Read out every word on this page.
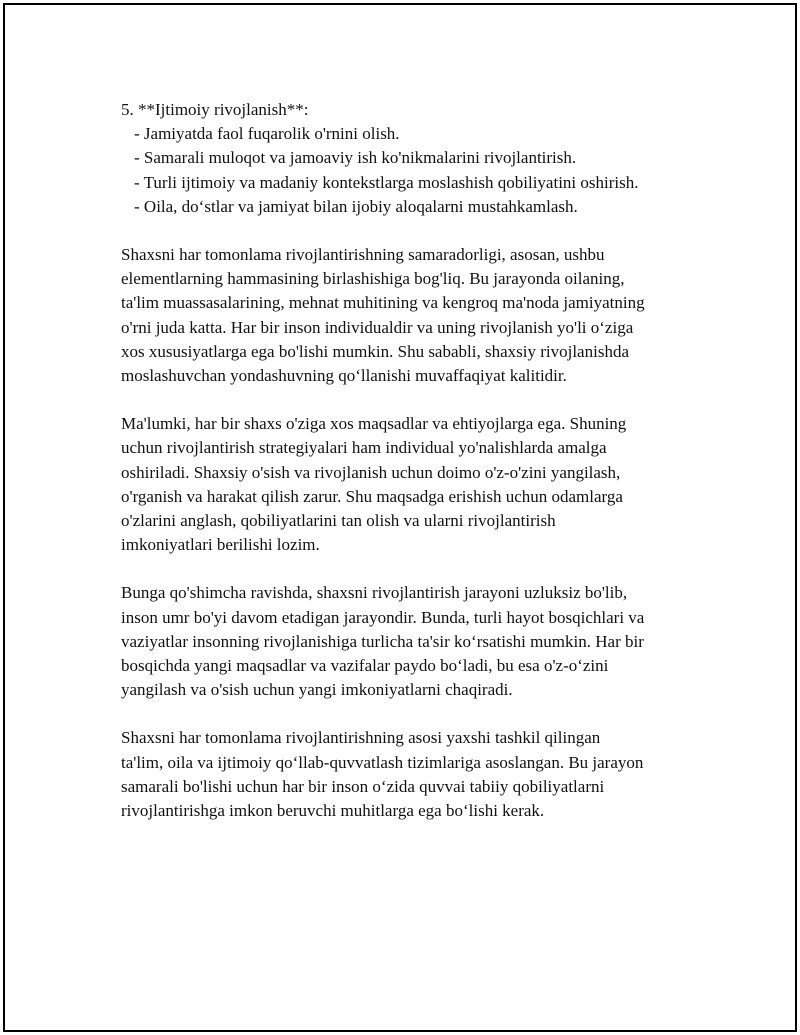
5. **Ijtimoiy rivojlanish**:

- Jamiyatda faol fuqarolik o'rnini olish.
- Samarali muloqot va jamoaviy ish ko'nikmalarini rivojlantirish.
- Turli ijtimoiy va madaniy kontekstlarga moslashish qobiliyatini oshirish.
- Oila, do‘stlar va jamiyat bilan ijobiy aloqalarni mustahkamlash.

Shaxsni har tomonlama rivojlantirishning samaradorligi, asosan, ushbu
elementlarning hammasining birlashishiga bog'liq. Bu jarayonda oilaning,
ta'lim muassasalarining, mehnat muhitining va kengroq ma'noda jamiyatning
o'rni juda katta. Har bir inson individualdir va uning rivojlanish yo'li o‘ziga
xos xususiyatlarga ega bo'lishi mumkin. Shu sababli, shaxsiy rivojlanishda
moslashuvchan yondashuvning qo‘llanishi muvaffaqiyat kalitidir.

Ma'lumki, har bir shaxs o'ziga xos maqsadlar va ehtiyojlarga ega. Shuning
uchun rivojlantirish strategiyalari ham individual yo'nalishlarda amalga
oshiriladi. Shaxsiy o'sish va rivojlanish uchun doimo o'z-o'zini yangilash,
o'rganish va harakat qilish zarur. Shu maqsadga erishish uchun odamlarga
o'zlarini anglash, qobiliyatlarini tan olish va ularni rivojlantirish
imkoniyatlari berilishi lozim.

Bunga qo'shimcha ravishda, shaxsni rivojlantirish jarayoni uzluksiz bo'lib,
inson umr bo'yi davom etadigan jarayondir. Bunda, turli hayot bosqichlari va
vaziyatlar insonning rivojlanishiga turlicha ta'sir ko‘rsatishi mumkin. Har bir
bosqichda yangi maqsadlar va vazifalar paydo bo‘ladi, bu esa o'z-o‘zini
yangilash va o'sish uchun yangi imkoniyatlarni chaqiradi.

Shaxsni har tomonlama rivojlantirishning asosi yaxshi tashkil qilingan
ta'lim, oila va ijtimoiy qo‘llab-quvvatlash tizimlariga asoslangan. Bu jarayon
samarali bo'lishi uchun har bir inson o‘zida quvvai tabiiy qobiliyatlarni
rivojlantirishga imkon beruvchi muhitlarga ega bo‘lishi kerak.
